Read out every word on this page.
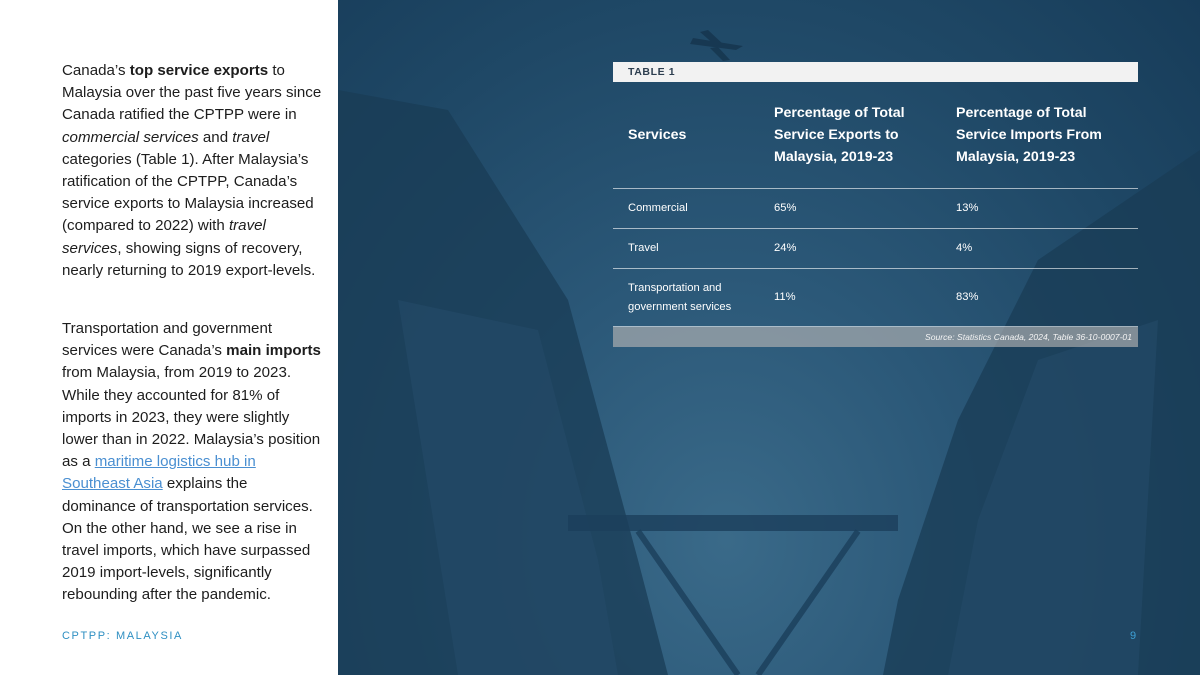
Canada’s top service exports to Malaysia over the past five years since Canada ratified the CPTPP were in commercial services and travel categories (Table 1). After Malaysia’s ratification of the CPTPP, Canada’s service exports to Malaysia increased (compared to 2022) with travel services, showing signs of recovery, nearly returning to 2019 export-levels.

Transportation and government services were Canada’s main imports from Malaysia, from 2019 to 2023. While they accounted for 81% of imports in 2023, they were slightly lower than in 2022. Malaysia’s position as a maritime logistics hub in Southeast Asia explains the dominance of transportation services. On the other hand, we see a rise in travel imports, which have surpassed 2019 import-levels, significantly rebounding after the pandemic.

CPTPP: MALAYSIA
TABLE 1
Services	Percentage of Total Service Exports to Malaysia, 2019-23	Percentage of Total Service Imports From Malaysia, 2019-23
Commercial	65%	13%
Travel	24%	4%
Transportation and government services	11%	83%
Source: Statistics Canada, 2024, Table 36-10-0007-01
9
